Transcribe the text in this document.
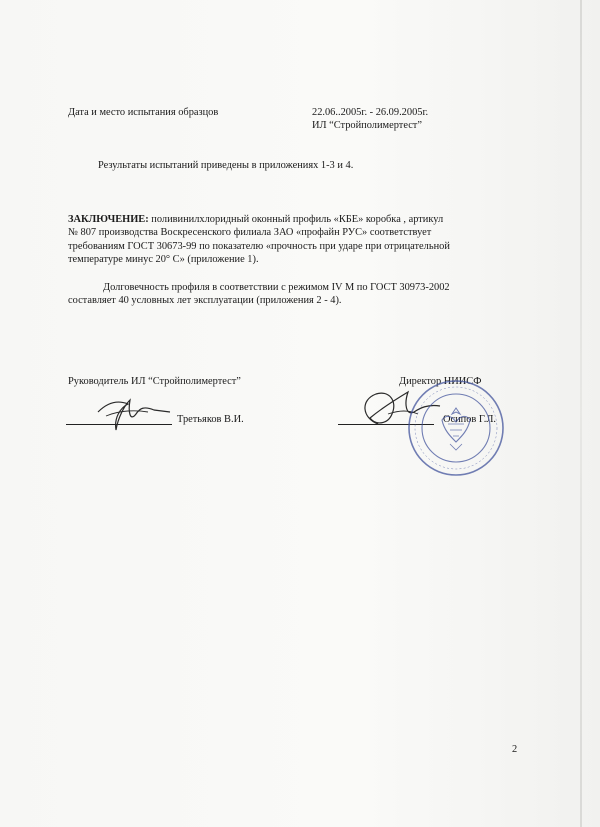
Дата и место испытания образцов	22.06..2005г. - 26.09.2005г.
ИЛ “Стройполимертест”
Результаты испытаний приведены в приложениях 1-3 и 4.
ЗАКЛЮЧЕНИЕ: поливинилхлоридный оконный профиль «КБЕ» коробка , артикул
№ 807 производства Воскресенского филиала ЗАО «профайн РУС» соответствует
требованиям ГОСТ 30673-99 по показателю «прочность при ударе при отрицательной
температуре минус 20° С» (приложение 1).
Долговечность профиля в соответствии с режимом IV M по ГОСТ 30973-2002
составляет 40 условных лет эксплуатации (приложения 2 - 4).
Руководитель ИЛ “Стройполимертест”	Директор НИИСФ
Третьяков В.И.	Осипов Г.Л.
2
